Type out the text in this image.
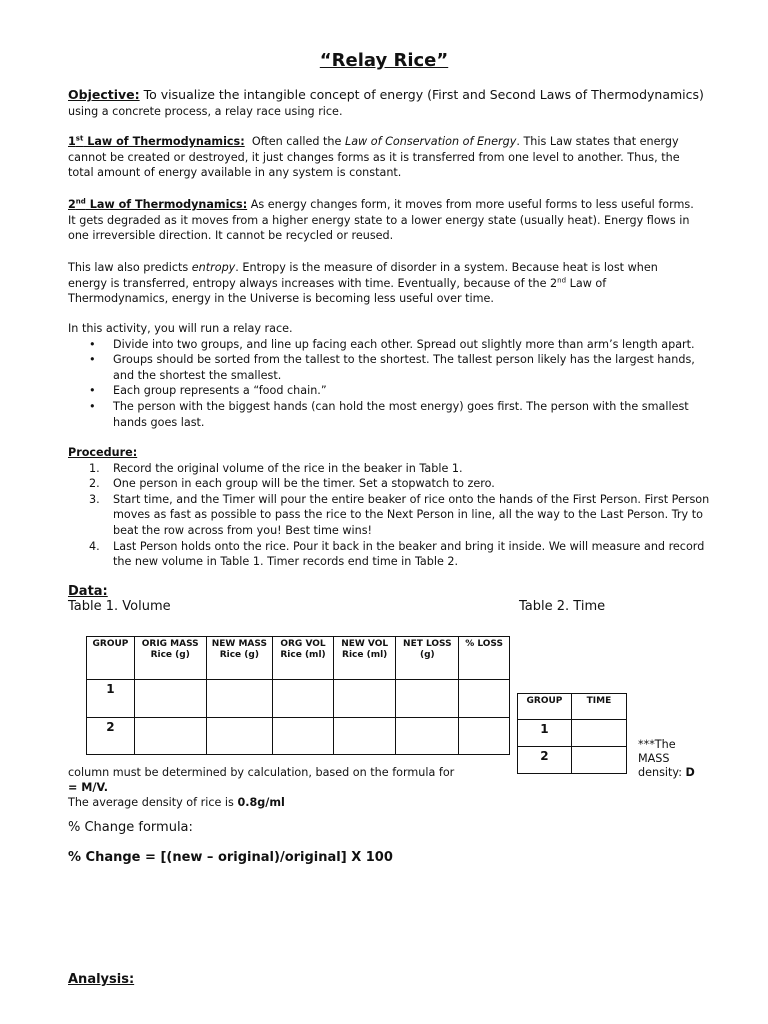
“Relay Rice”
Objective: To visualize the intangible concept of energy (First and Second Laws of Thermodynamics)
using a concrete process, a relay race using rice.
1st Law of Thermodynamics: Often called the Law of Conservation of Energy. This Law states that energy
cannot be created or destroyed, it just changes forms as it is transferred from one level to another. Thus, the
total amount of energy available in any system is constant.
2nd Law of Thermodynamics: As energy changes form, it moves from more useful forms to less useful forms.
It gets degraded as it moves from a higher energy state to a lower energy state (usually heat). Energy flows in
one irreversible direction. It cannot be recycled or reused.
This law also predicts entropy. Entropy is the measure of disorder in a system. Because heat is lost when
energy is transferred, entropy always increases with time. Eventually, because of the 2nd Law of
Thermodynamics, energy in the Universe is becoming less useful over time.
In this activity, you will run a relay race.
• Divide into two groups, and line up facing each other. Spread out slightly more than arm’s length apart.
• Groups should be sorted from the tallest to the shortest. The tallest person likely has the largest hands, and the shortest the smallest.
• Each group represents a “food chain.”
• The person with the biggest hands (can hold the most energy) goes first. The person with the smallest hands goes last.
Procedure:
1. Record the original volume of the rice in the beaker in Table 1.
2. One person in each group will be the timer. Set a stopwatch to zero.
3. Start time, and the Timer will pour the entire beaker of rice onto the hands of the First Person. First Person moves as fast as possible to pass the rice to the Next Person in line, all the way to the Last Person. Try to beat the row across from you! Best time wins!
4. Last Person holds onto the rice. Pour it back in the beaker and bring it inside. We will measure and record the new volume in Table 1. Timer records end time in Table 2.
Data:
Table 1. Volume	Table 2. Time
GROUP	ORIG MASS Rice (g)	NEW MASS Rice (g)	ORG VOL Rice (ml)	NEW VOL Rice (ml)	NET LOSS (g)	% LOSS
1						
2						
GROUP	TIME
1	
2	
***The
MASS
density: D
column must be determined by calculation, based on the formula for
= M/V.
The average density of rice is 0.8g/ml
% Change formula:
% Change = [(new – original)/original] X 100
Analysis:
